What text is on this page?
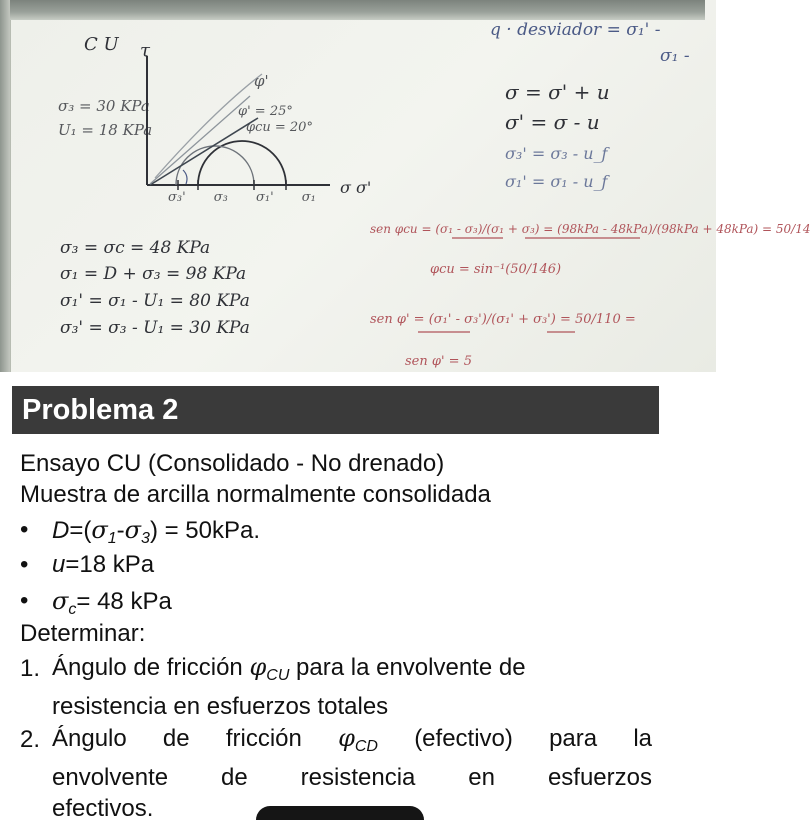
C U τ
σ₃ = 30 KPa
U₁ = 18 KPa
φ'
φ' = 25°
φcu = 20°
σ₃' σ₃ σ₁' σ₁
σ σ'
σ₃ = σc = 48 KPa
σ₁ = D + σ₃ = 98 KPa
σ₁' = σ₁ - U₁ = 80 KPa
σ₃' = σ₃ - U₁ = 30 KPa
q · desviador = σ₁' -
σ₁ -
σ = σ' + u
σ' = σ - u
σ₃' = σ₃ - u_f
σ₁' = σ₁ - u_f
sen φcu = (σ₁ - σ₃)/(σ₁ + σ₃) = (98kPa - 48kPa)/(98kPa + 48kPa) = 50/14
φcu = sin⁻¹(50/146)
sen φ' = (σ₁' - σ₃')/(σ₁' + σ₃') = 50/110 =
sen φ' = 5
Problema 2
Ensayo CU (Consolidado - No drenado)
Muestra de arcilla normalmente consolidada
• $D=(\sigma_1-\sigma_3) = 50kPa$.
• u=18 kPa
• $\sigma_c= 48$ kPa
Determinar:
1. Ángulo de fricción $\varphi_{CU}$ para la envolvente de
resistencia en esfuerzos totales
2. Ángulo de fricción $\varphi_{CD}$ (efectivo) para la
envolvente de resistencia en esfuerzos
efectivos.
